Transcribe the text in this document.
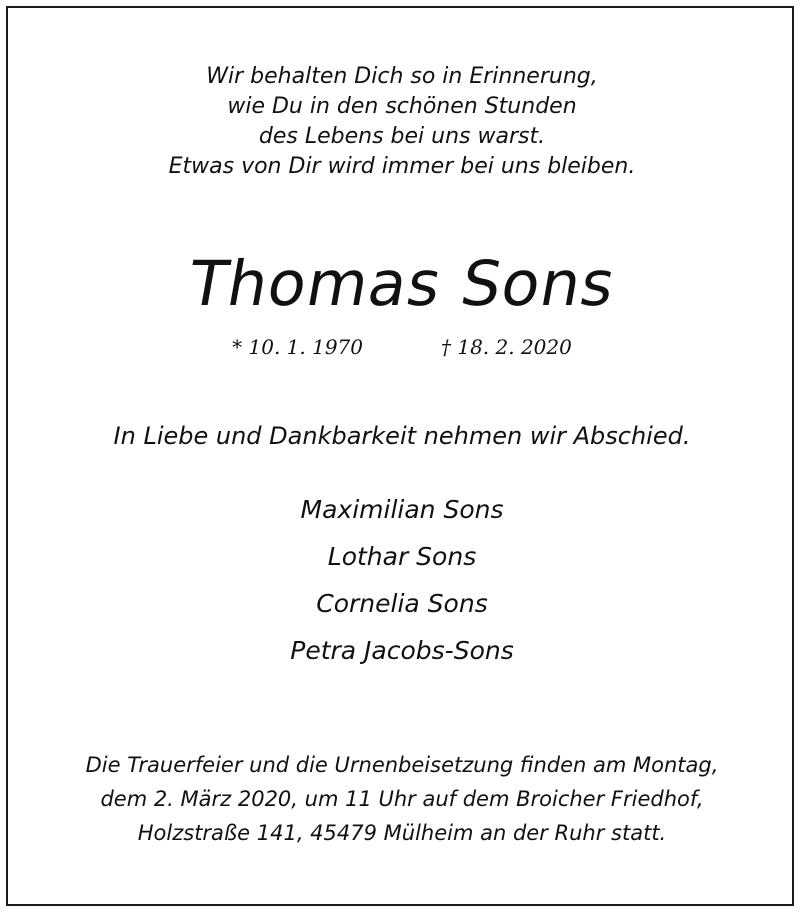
Wir behalten Dich so in Erinnerung,
wie Du in den schönen Stunden
des Lebens bei uns warst.
Etwas von Dir wird immer bei uns bleiben.
Thomas Sons
* 10. 1. 1970	† 18. 2. 2020
In Liebe und Dankbarkeit nehmen wir Abschied.
Maximilian Sons
Lothar Sons
Cornelia Sons
Petra Jacobs-Sons
Die Trauerfeier und die Urnenbeisetzung finden am Montag,
dem 2. März 2020, um 11 Uhr auf dem Broicher Friedhof,
Holzstraße 141, 45479 Mülheim an der Ruhr statt.
